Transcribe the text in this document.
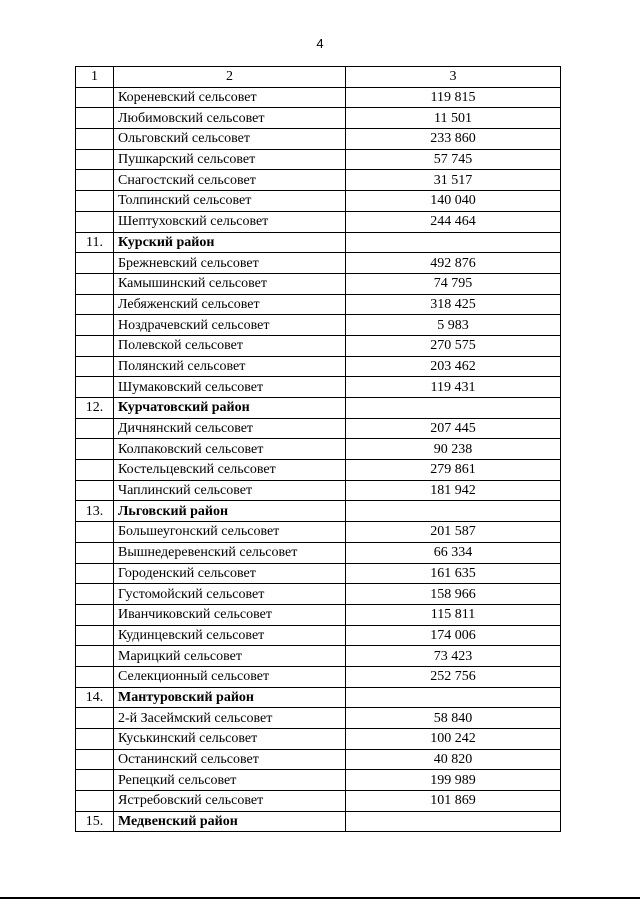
4
1	2	3
	Кореневский сельсовет	119 815
	Любимовский сельсовет	11 501
	Ольговский сельсовет	233 860
	Пушкарский сельсовет	57 745
	Снагостский сельсовет	31 517
	Толпинский сельсовет	140 040
	Шептуховский сельсовет	244 464
11.	Курский район	
	Брежневский сельсовет	492 876
	Камышинский сельсовет	74 795
	Лебяженский сельсовет	318 425
	Ноздрачевский сельсовет	5 983
	Полевской сельсовет	270 575
	Полянский сельсовет	203 462
	Шумаковский сельсовет	119 431
12.	Курчатовский район	
	Дичнянский сельсовет	207 445
	Колпаковский сельсовет	90 238
	Костельцевский сельсовет	279 861
	Чаплинский сельсовет	181 942
13.	Льговский район	
	Большеугонский сельсовет	201 587
	Вышнедеревенский сельсовет	66 334
	Городенский сельсовет	161 635
	Густомойский сельсовет	158 966
	Иванчиковский сельсовет	115 811
	Кудинцевский сельсовет	174 006
	Марицкий сельсовет	73 423
	Селекционный сельсовет	252 756
14.	Мантуровский район	
	2-й Засеймский сельсовет	58 840
	Куськинский сельсовет	100 242
	Останинский сельсовет	40 820
	Репецкий сельсовет	199 989
	Ястребовский сельсовет	101 869
15.	Медвенский район	
